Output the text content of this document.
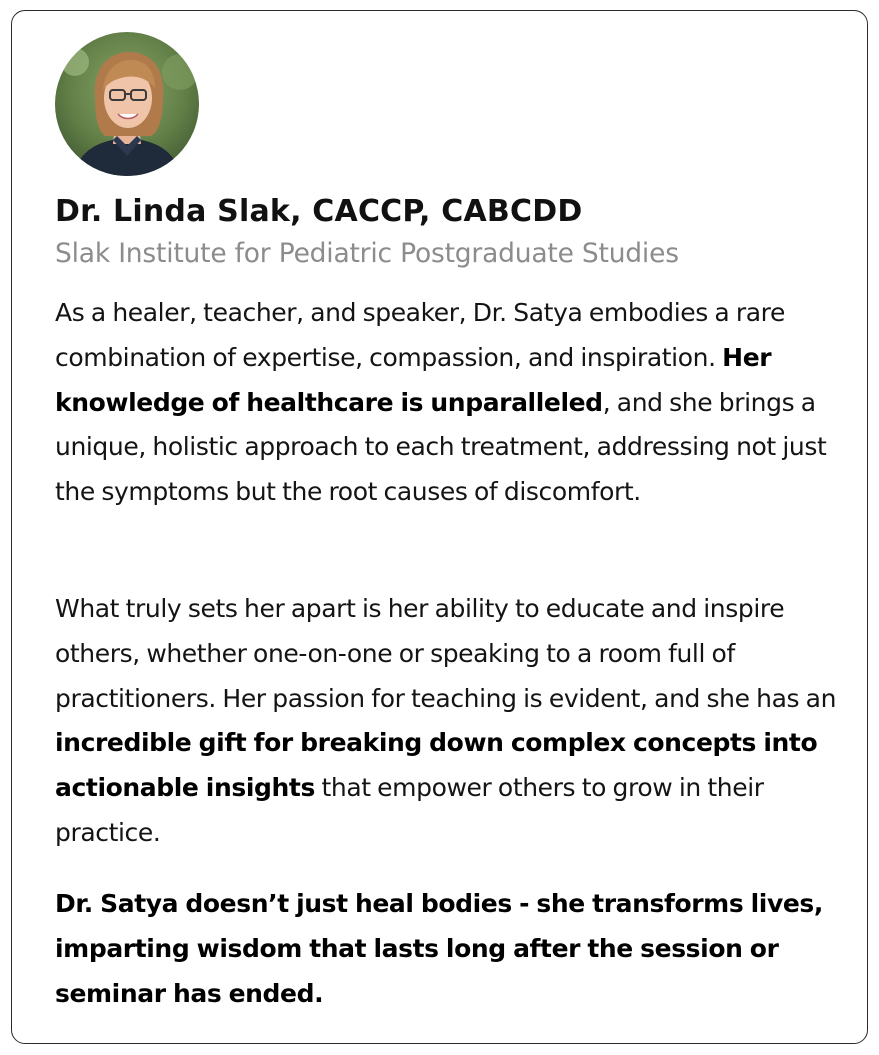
Dr. Linda Slak, CACCP, CABCDD

Slak Institute for Pediatric Postgraduate Studies

As a healer, teacher, and speaker, Dr. Satya embodies a rare combination of expertise, compassion, and inspiration. Her knowledge of healthcare is unparalleled, and she brings a unique, holistic approach to each treatment, addressing not just the symptoms but the root causes of discomfort.

What truly sets her apart is her ability to educate and inspire others, whether one-on-one or speaking to a room full of practitioners. Her passion for teaching is evident, and she has an incredible gift for breaking down complex concepts into actionable insights that empower others to grow in their practice.

Dr. Satya doesn’t just heal bodies - she transforms lives, imparting wisdom that lasts long after the session or seminar has ended.
